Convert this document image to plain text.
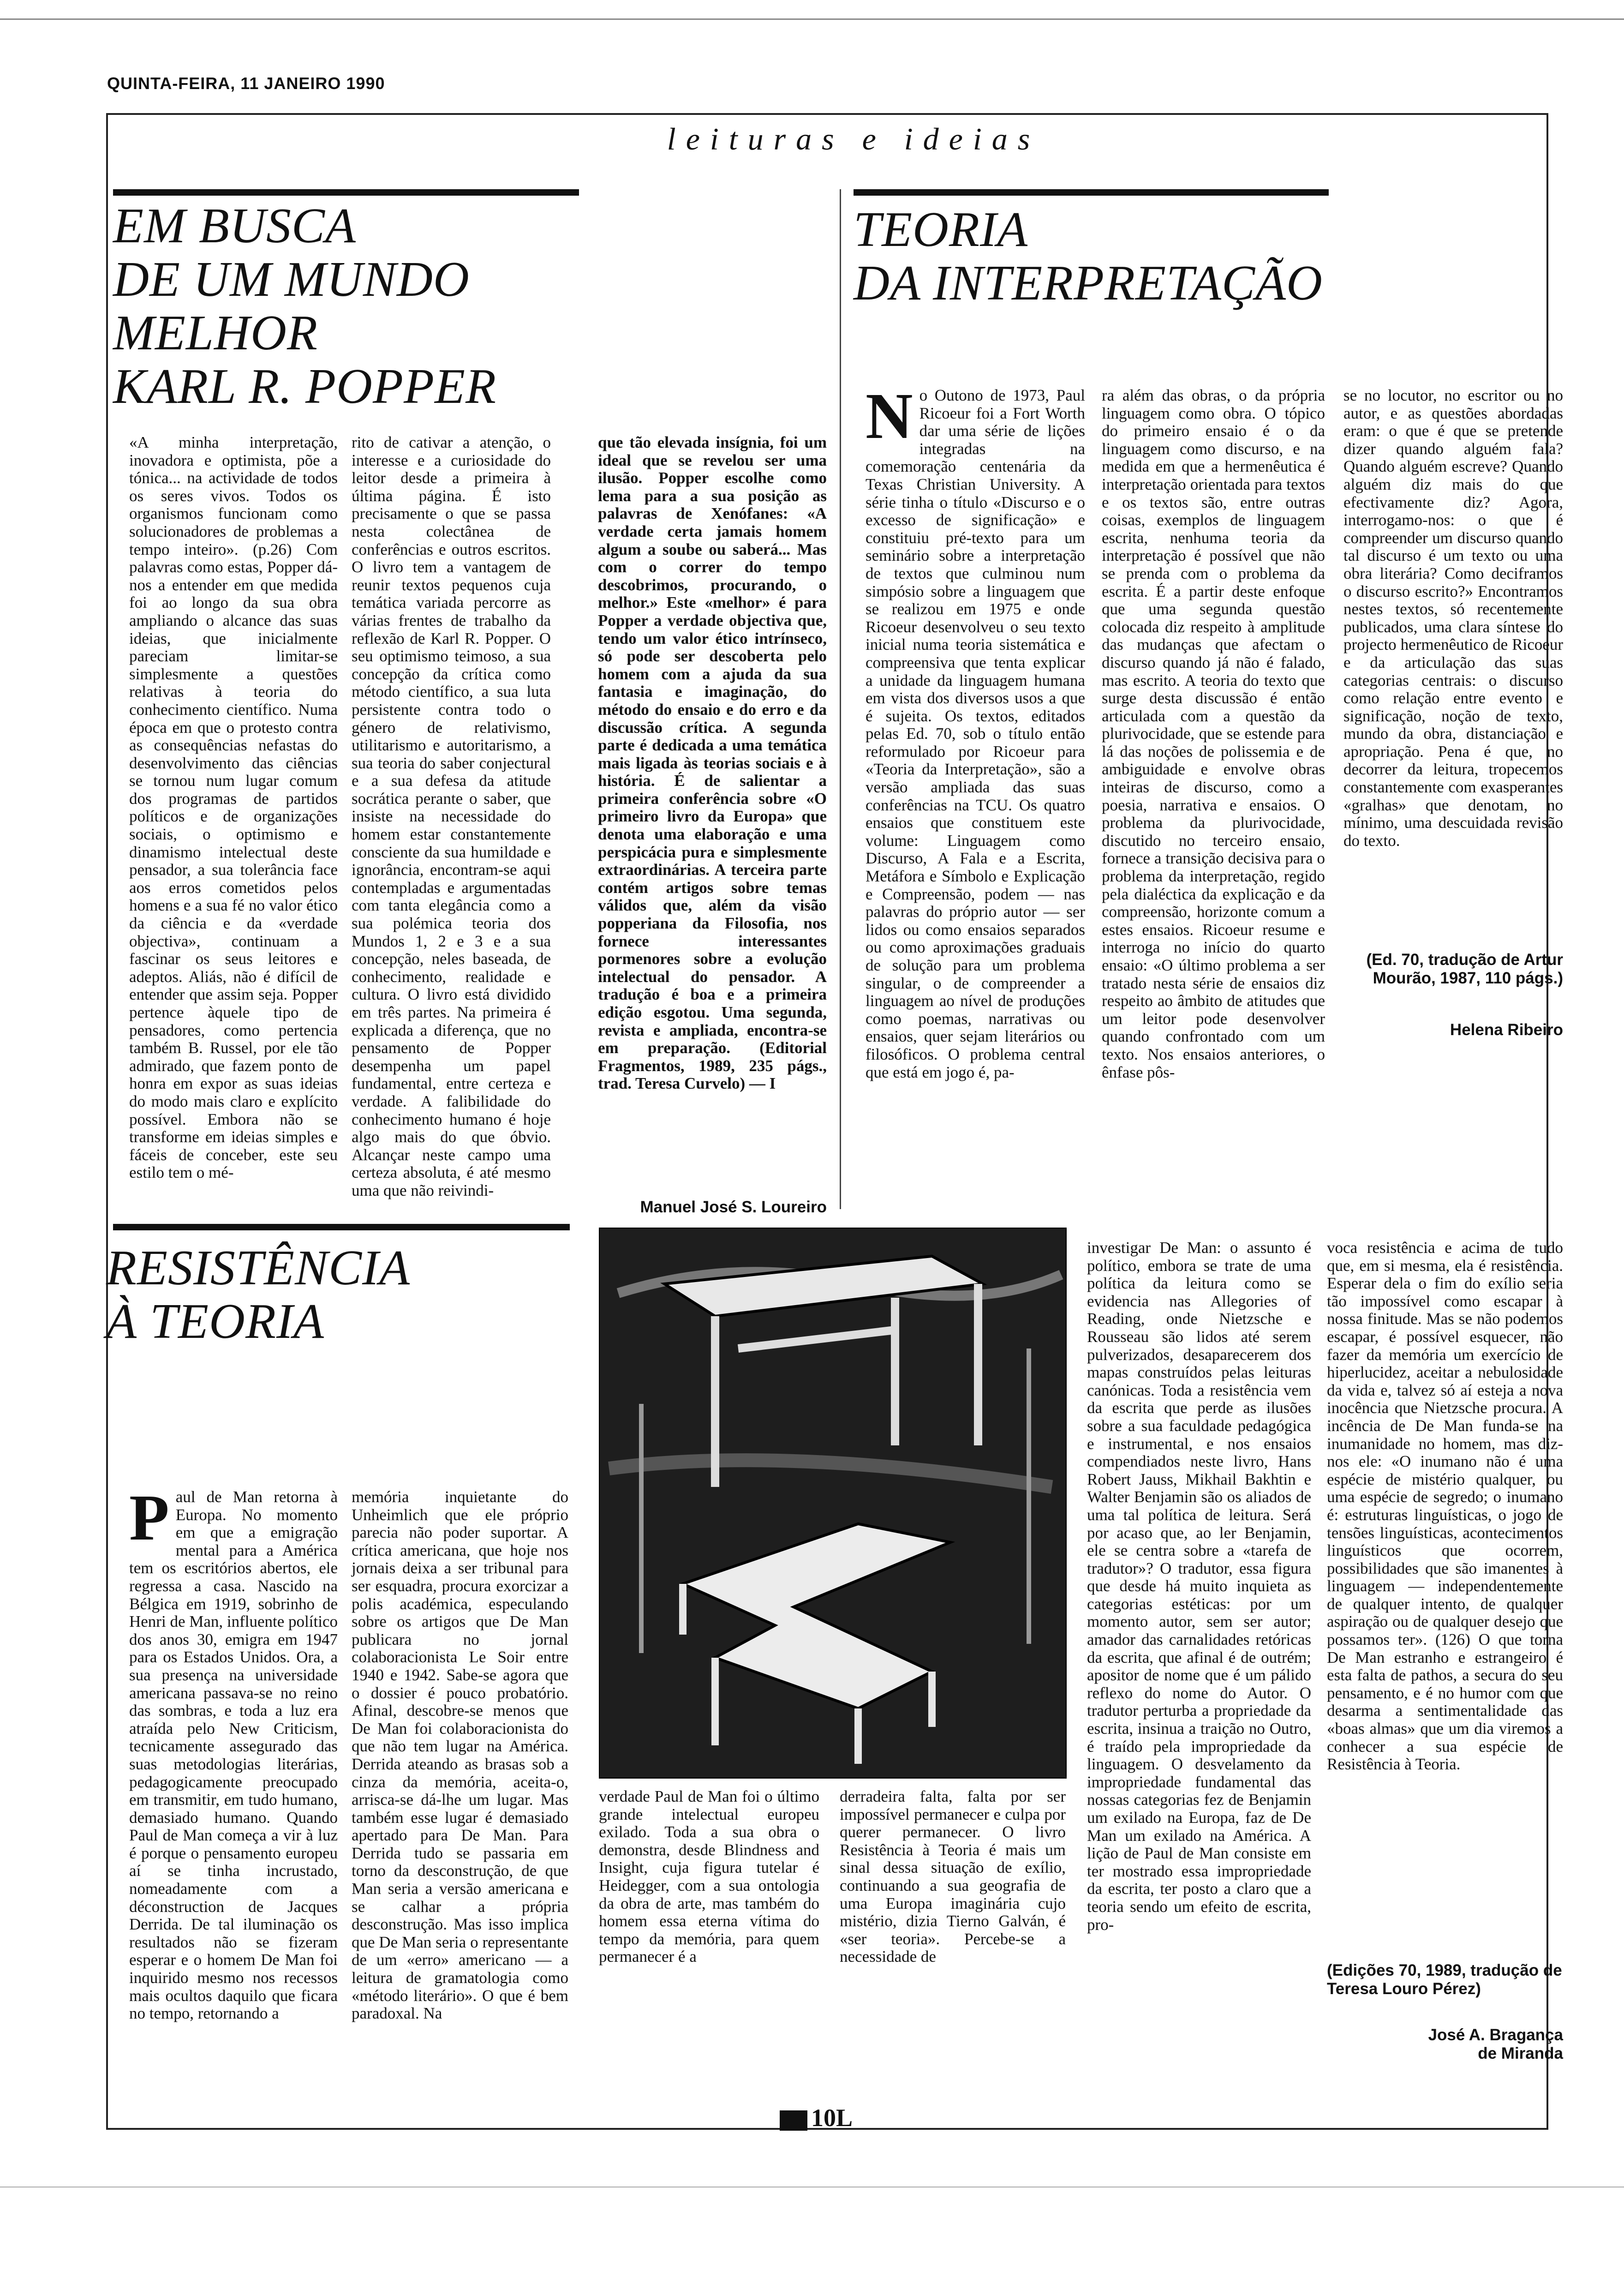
QUINTA-FEIRA, 11 JANEIRO 1990
leituras e ideias
EM BUSCA
DE UM MUNDO
MELHOR
KARL R. POPPER

«A minha interpretação, inovadora e optimista, põe a tónica... na actividade de todos os seres vivos. Todos os organismos funcionam como solucionadores de problemas a tempo inteiro». (p.26) Com palavras como estas, Popper dá-nos a entender em que medida foi ao longo da sua obra ampliando o alcance das suas ideias, que inicialmente pareciam limitar-se simplesmente a questões relativas à teoria do conhecimento científico. Numa época em que o protesto contra as consequências nefastas do desenvolvimento das ciências se tornou num lugar comum dos programas de partidos políticos e de organizações sociais, o optimismo e dinamismo intelectual deste pensador, a sua tolerância face aos erros cometidos pelos homens e a sua fé no valor ético da ciência e da «verdade objectiva», continuam a fascinar os seus leitores e adeptos. Aliás, não é difícil de entender que assim seja. Popper pertence àquele tipo de pensadores, como pertencia também B. Russel, por ele tão admirado, que fazem ponto de honra em expor as suas ideias do modo mais claro e explícito possível. Embora não se transforme em ideias simples e fáceis de conceber, este seu estilo tem o mé-

rito de cativar a atenção, o interesse e a curiosidade do leitor desde a primeira à última página. É isto precisamente o que se passa nesta colectânea de conferências e outros escritos. O livro tem a vantagem de reunir textos pequenos cuja temática variada percorre as várias frentes de trabalho da reflexão de Karl R. Popper. O seu optimismo teimoso, a sua concepção da crítica como método científico, a sua luta persistente contra todo o género de relativismo, utilitarismo e autoritarismo, a sua teoria do saber conjectural e a sua defesa da atitude socrática perante o saber, que insiste na necessidade do homem estar constantemente consciente da sua humildade e ignorância, encontram-se aqui contempladas e argumentadas com tanta elegância como a sua polémica teoria dos Mundos 1, 2 e 3 e a sua concepção, neles baseada, de conhecimento, realidade e cultura. O livro está dividido em três partes. Na primeira é explicada a diferença, que no pensamento de Popper desempenha um papel fundamental, entre certeza e verdade. A falibilidade do conhecimento humano é hoje algo mais do que óbvio. Alcançar neste campo uma certeza absoluta, é até mesmo uma que não reivindi-

que tão elevada insígnia, foi um ideal que se revelou ser uma ilusão. Popper escolhe como lema para a sua posição as palavras de Xenófanes: «A verdade certa jamais homem algum a soube ou saberá... Mas com o correr do tempo descobrimos, procurando, o melhor.» Este «melhor» é para Popper a verdade objectiva que, tendo um valor ético intrínseco, só pode ser descoberta pelo homem com a ajuda da sua fantasia e imaginação, do método do ensaio e do erro e da discussão crítica. A segunda parte é dedicada a uma temática mais ligada às teorias sociais e à história. É de salientar a primeira conferência sobre «O primeiro livro da Europa» que denota uma elaboração e uma perspicácia pura e simplesmente extraordinárias. A terceira parte contém artigos sobre temas válidos que, além da visão popperiana da Filosofia, nos fornece interessantes pormenores sobre a evolução intelectual do pensador. A tradução é boa e a primeira edição esgotou. Uma segunda, revista e ampliada, encontra-se em preparação. (Editorial Fragmentos, 1989, 235 págs., trad. Teresa Curvelo) — I

Manuel José S. Loureiro
TEORIA
DA INTERPRETAÇÃO

No Outono de 1973, Paul Ricoeur foi a Fort Worth dar uma série de lições integradas na comemoração centenária da Texas Christian University. A série tinha o título «Discurso e o excesso de significação» e constituiu pré-texto para um seminário sobre a interpretação de textos que culminou num simpósio sobre a linguagem que se realizou em 1975 e onde Ricoeur desenvolveu o seu texto inicial numa teoria sistemática e compreensiva que tenta explicar a unidade da linguagem humana em vista dos diversos usos a que é sujeita. Os textos, editados pelas Ed. 70, sob o título então reformulado por Ricoeur para «Teoria da Interpretação», são a versão ampliada das suas conferências na TCU. Os quatro ensaios que constituem este volume: Linguagem como Discurso, A Fala e a Escrita, Metáfora e Símbolo e Explicação e Compreensão, podem — nas palavras do próprio autor — ser lidos ou como ensaios separados ou como aproximações graduais de solução para um problema singular, o de compreender a linguagem ao nível de produções como poemas, narrativas ou ensaios, quer sejam literários ou filosóficos. O problema central que está em jogo é, pa-

ra além das obras, o da própria linguagem como obra. O tópico do primeiro ensaio é o da linguagem como discurso, e na medida em que a hermenêutica é interpretação orientada para textos e os textos são, entre outras coisas, exemplos de linguagem escrita, nenhuma teoria da interpretação é possível que não se prenda com o problema da escrita. É a partir deste enfoque que uma segunda questão colocada diz respeito à amplitude das mudanças que afectam o discurso quando já não é falado, mas escrito. A teoria do texto que surge desta discussão é então articulada com a questão da plurivocidade, que se estende para lá das noções de polissemia e de ambiguidade e envolve obras inteiras de discurso, como a poesia, narrativa e ensaios. O problema da plurivocidade, discutido no terceiro ensaio, fornece a transição decisiva para o problema da interpretação, regido pela dialéctica da explicação e da compreensão, horizonte comum a estes ensaios. Ricoeur resume e interroga no início do quarto ensaio: «O último problema a ser tratado nesta série de ensaios diz respeito ao âmbito de atitudes que um leitor pode desenvolver quando confrontado com um texto. Nos ensaios anteriores, o ênfase pôs-

se no locutor, no escritor ou no autor, e as questões abordadas eram: o que é que se pretende dizer quando alguém fala? Quando alguém escreve? Quando alguém diz mais do que efectivamente diz? Agora, interrogamo-nos: o que é compreender um discurso quando tal discurso é um texto ou uma obra literária? Como deciframos o discurso escrito?» Encontramos nestes textos, só recentemente publicados, uma clara síntese do projecto hermenêutico de Ricoeur e da articulação das suas categorias centrais: o discurso como relação entre evento e significação, noção de texto, mundo da obra, distanciação e apropriação. Pena é que, no decorrer da leitura, tropecemos constantemente com exasperantes «gralhas» que denotam, no mínimo, uma descuidada revisão do texto.

(Ed. 70, tradução de Artur Mourão, 1987, 110 págs.)
Helena Ribeiro
RESISTÊNCIA
À TEORIA

Paul de Man retorna à Europa. No momento em que a emigração mental para a América tem os escritórios abertos, ele regressa a casa. Nascido na Bélgica em 1919, sobrinho de Henri de Man, influente político dos anos 30, emigra em 1947 para os Estados Unidos. Ora, a sua presença na universidade americana passava-se no reino das sombras, e toda a luz era atraída pelo New Criticism, tecnicamente assegurado das suas metodologias literárias, pedagogicamente preocupado em transmitir, em tudo humano, demasiado humano. Quando Paul de Man começa a vir à luz é porque o pensamento europeu aí se tinha incrustado, nomeadamente com a déconstruction de Jacques Derrida. De tal iluminação os resultados não se fizeram esperar e o homem De Man foi inquirido mesmo nos recessos mais ocultos daquilo que ficara no tempo, retornando a

memória inquietante do Unheimlich que ele próprio parecia não poder suportar. A crítica americana, que hoje nos jornais deixa a ser tribunal para ser esquadra, procura exorcizar a polis académica, especulando sobre os artigos que De Man publicara no jornal colaboracionista Le Soir entre 1940 e 1942. Sabe-se agora que o dossier é pouco probatório. Afinal, descobre-se menos que De Man foi colaboracionista do que não tem lugar na América. Derrida ateando as brasas sob a cinza da memória, aceita-o, arrisca-se dá-lhe um lugar. Mas também esse lugar é demasiado apertado para De Man. Para Derrida tudo se passaria em torno da desconstrução, de que Man seria a versão americana e se calhar a própria desconstrução. Mas isso implica que De Man seria o representante de um «erro» americano — a leitura de gramatologia como «método literário». O que é bem paradoxal. Na

verdade Paul de Man foi o último grande intelectual europeu exilado. Toda a sua obra o demonstra, desde Blindness and Insight, cuja figura tutelar é Heidegger, com a sua ontologia da obra de arte, mas também do homem essa eterna vítima do tempo da memória, para quem permanecer é a

derradeira falta, falta por ser impossível permanecer e culpa por querer permanecer. O livro Resistência à Teoria é mais um sinal dessa situação de exílio, continuando a sua geografia de uma Europa imaginária cujo mistério, dizia Tierno Galván, é «ser teoria». Percebe-se a necessidade de

investigar De Man: o assunto é político, embora se trate de uma política da leitura como se evidencia nas Allegories of Reading, onde Nietzsche e Rousseau são lidos até serem pulverizados, desaparecerem dos mapas construídos pelas leituras canónicas. Toda a resistência vem da escrita que perde as ilusões sobre a sua faculdade pedagógica e instrumental, e nos ensaios compendiados neste livro, Hans Robert Jauss, Mikhail Bakhtin e Walter Benjamin são os aliados de uma tal política de leitura. Será por acaso que, ao ler Benjamin, ele se centra sobre a «tarefa de tradutor»? O tradutor, essa figura que desde há muito inquieta as categorias estéticas: por um momento autor, sem ser autor; amador das carnalidades retóricas da escrita, que afinal é de outrém; apositor de nome que é um pálido reflexo do nome do Autor. O tradutor perturba a propriedade da escrita, insinua a traição no Outro, é traído pela impropriedade da linguagem. O desvelamento da impropriedade fundamental das nossas categorias fez de Benjamin um exilado na Europa, faz de De Man um exilado na América. A lição de Paul de Man consiste em ter mostrado essa impropriedade da escrita, ter posto a claro que a teoria sendo um efeito de escrita, pro-

voca resistência e acima de tudo que, em si mesma, ela é resistência. Esperar dela o fim do exílio seria tão impossível como escapar à nossa finitude. Mas se não podemos escapar, é possível esquecer, não fazer da memória um exercício de hiperlucidez, aceitar a nebulosidade da vida e, talvez só aí esteja a nova inocência que Nietzsche procura. A incência de De Man funda-se na inumanidade no homem, mas diz-nos ele: «O inumano não é uma espécie de mistério qualquer, ou uma espécie de segredo; o inumano é: estruturas linguísticas, o jogo de tensões linguísticas, acontecimentos linguísticos que ocorrem, possibilidades que são imanentes à linguagem — independentemente de qualquer intento, de qualquer aspiração ou de qualquer desejo que possamos ter». (126) O que torna De Man estranho e estrangeiro é esta falta de pathos, a secura do seu pensamento, e é no humor com que desarma a sentimentalidade das «boas almas» que um dia viremos a conhecer a sua espécie de Resistência à Teoria.

(Edições 70, 1989, tradução de Teresa Louro Pérez)
José A. Bragança
de Miranda
10L
